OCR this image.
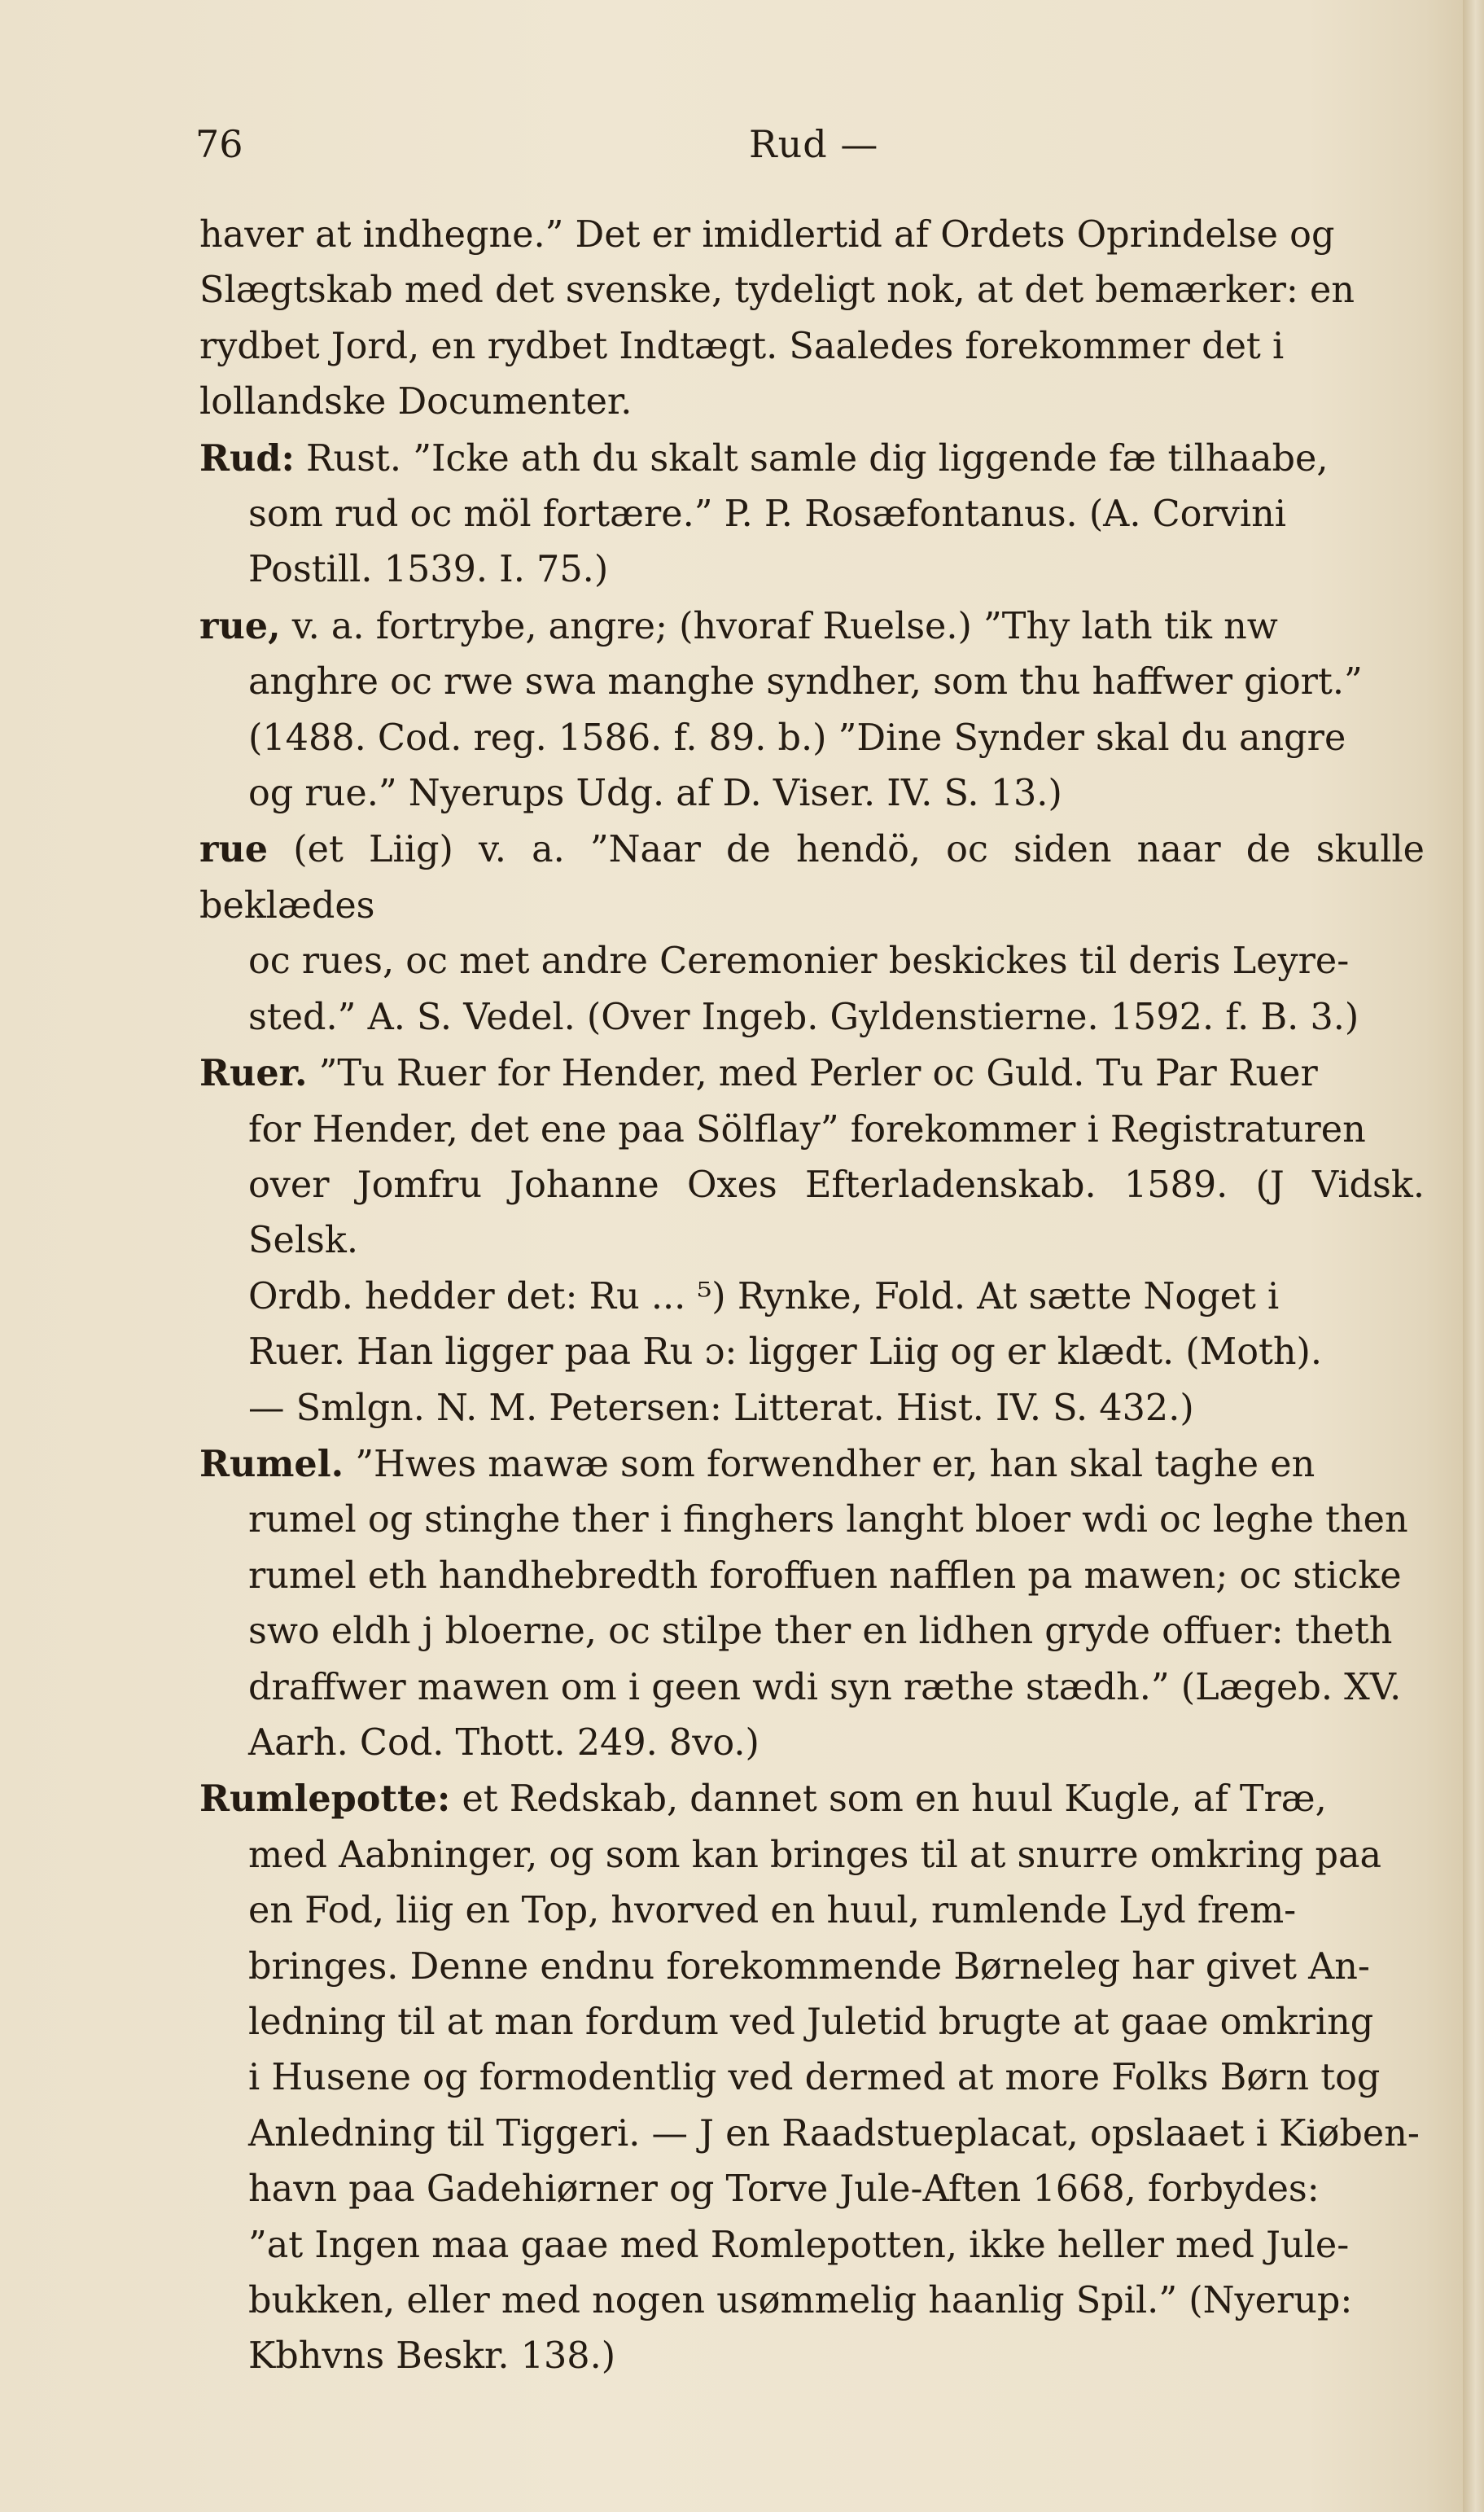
76	Rud —
haver at indhegne.” Det er imidlertid af Ordets Oprindelse og
Slægtskab med det svenske, tydeligt nok, at det bemærker: en
rydbet Jord, en rydbet Indtægt. Saaledes forekommer det i
lollandske Documenter.
Rud: Rust. ”Icke ath du skalt samle dig liggende fæ tilhaabe,
som rud oc möl fortære.” P. P. Rosæfontanus. (A. Corvini
Postill. 1539. I. 75.)
rue, v. a. fortrybe, angre; (hvoraf Ruelse.) ”Thy lath tik nw
anghre oc rwe swa manghe syndher, som thu haffwer giort.”
(1488. Cod. reg. 1586. f. 89. b.) ”Dine Synder skal du angre
og rue.” Nyerups Udg. af D. Viser. IV. S. 13.)
rue (et Liig) v. a. ”Naar de hendö, oc siden naar de skulle beklædes
oc rues, oc met andre Ceremonier beskickes til deris Leyre-
sted.” A. S. Vedel. (Over Ingeb. Gyldenstierne. 1592. f. B. 3.)
Ruer. ”Tu Ruer for Hender, med Perler oc Guld. Tu Par Ruer
for Hender, det ene paa Sölflay” forekommer i Registraturen
over Jomfru Johanne Oxes Efterladenskab. 1589. (J Vidsk. Selsk.
Ordb. hedder det: Ru ... ⁵) Rynke, Fold. At sætte Noget i
Ruer. Han ligger paa Ru ɔ: ligger Liig og er klædt. (Moth).
— Smlgn. N. M. Petersen: Litterat. Hist. IV. S. 432.)
Rumel. ”Hwes mawæ som forwendher er, han skal taghe en
rumel og stinghe ther i finghers langht bloer wdi oc leghe then
rumel eth handhebredth foroffuen nafflen pa mawen; oc sticke
swo eldh j bloerne, oc stilpe ther en lidhen gryde offuer: theth
draffwer mawen om i geen wdi syn ræthe stædh.” (Lægeb. XV.
Aarh. Cod. Thott. 249. 8vo.)
Rumlepotte: et Redskab, dannet som en huul Kugle, af Træ,
med Aabninger, og som kan bringes til at snurre omkring paa
en Fod, liig en Top, hvorved en huul, rumlende Lyd frem-
bringes. Denne endnu forekommende Børneleg har givet An-
ledning til at man fordum ved Juletid brugte at gaae omkring
i Husene og formodentlig ved dermed at more Folks Børn tog
Anledning til Tiggeri. — J en Raadstueplacat, opslaaet i Kiøben-
havn paa Gadehiørner og Torve Jule-Aften 1668, forbydes:
”at Ingen maa gaae med Romlepotten, ikke heller med Jule-
bukken, eller med nogen usømmelig haanlig Spil.” (Nyerup:
Kbhvns Beskr. 138.)
